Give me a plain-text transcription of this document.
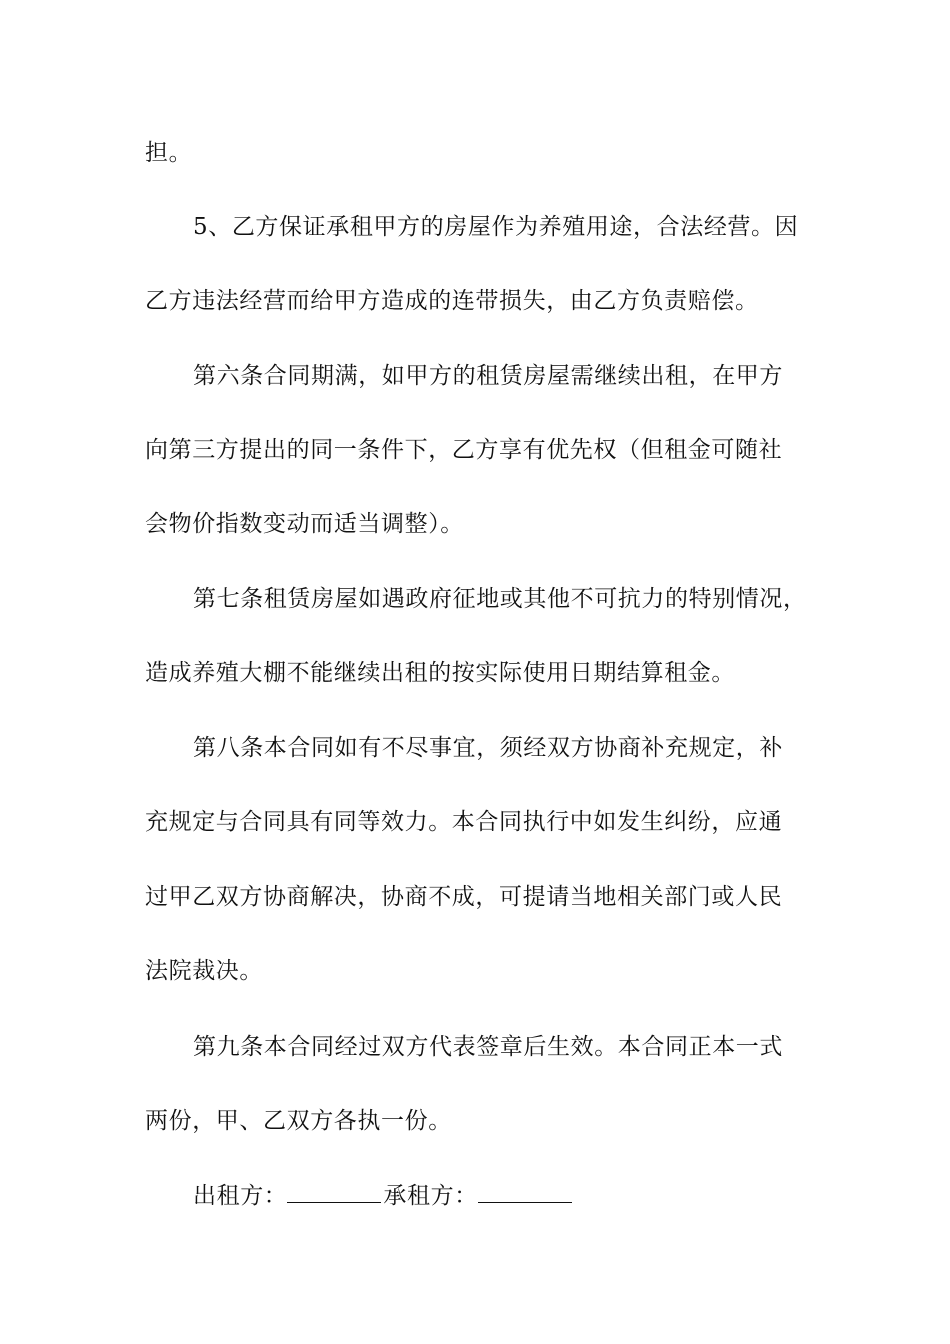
担。
5、乙方保证承租甲方的房屋作为养殖用途，合法经营。因
乙方违法经营而给甲方造成的连带损失，由乙方负责赔偿。
第六条合同期满，如甲方的租赁房屋需继续出租，在甲方
向第三方提出的同一条件下，乙方享有优先权（但租金可随社
会物价指数变动而适当调整）。
第七条租赁房屋如遇政府征地或其他不可抗力的特别情况，
造成养殖大棚不能继续出租的按实际使用日期结算租金。
第八条本合同如有不尽事宜，须经双方协商补充规定，补
充规定与合同具有同等效力。本合同执行中如发生纠纷，应通
过甲乙双方协商解决，协商不成，可提请当地相关部门或人民
法院裁决。
第九条本合同经过双方代表签章后生效。本合同正本一式
两份，甲、乙双方各执一份。
出租方：	承租方：
